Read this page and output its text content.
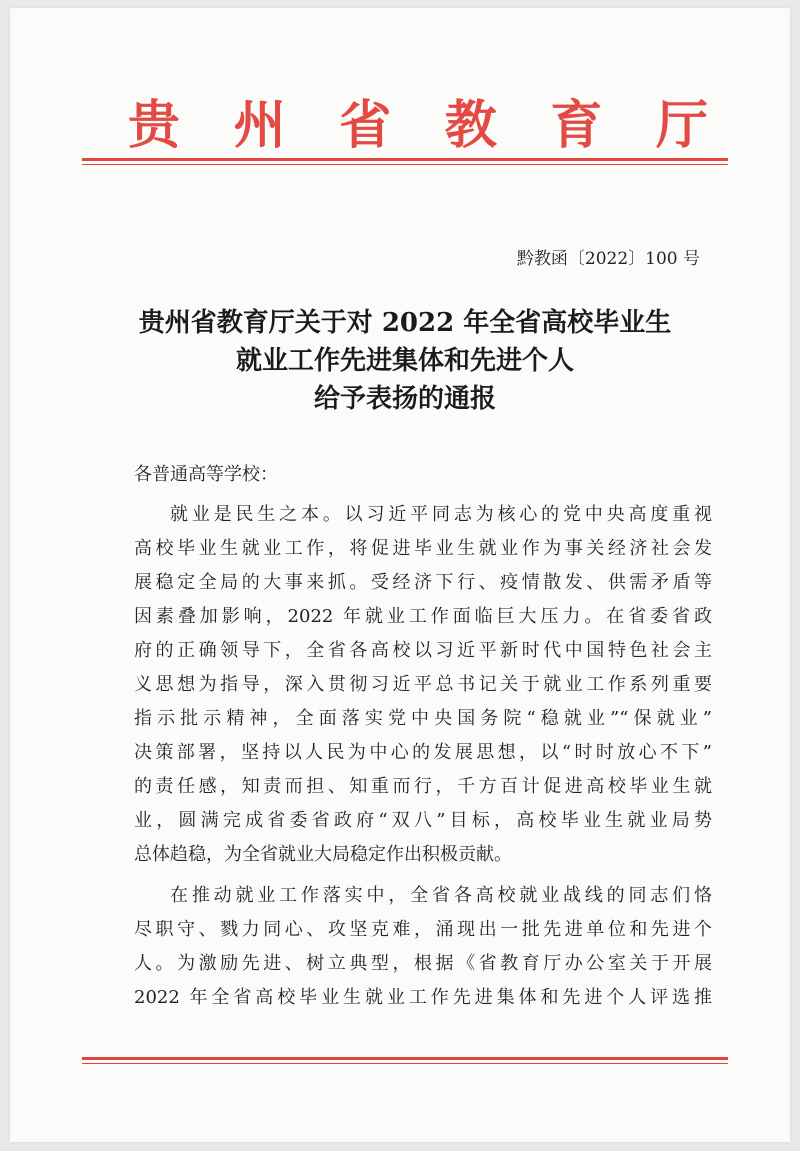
贵 州 省 教 育 厅
黔教函〔2022〕100 号
贵州省教育厅关于对 2022 年全省高校毕业生
就业工作先进集体和先进个人
给予表扬的通报
各普通高等学校：
就业是民生之本。以习近平同志为核心的党中央高度重视
高校毕业生就业工作，将促进毕业生就业作为事关经济社会发
展稳定全局的大事来抓。受经济下行、疫情散发、供需矛盾等
因素叠加影响，2022 年就业工作面临巨大压力。在省委省政
府的正确领导下，全省各高校以习近平新时代中国特色社会主
义思想为指导，深入贯彻习近平总书记关于就业工作系列重要
指示批示精神，全面落实党中央国务院“稳就业”“保就业”
决策部署，坚持以人民为中心的发展思想，以“时时放心不下”
的责任感，知责而担、知重而行，千方百计促进高校毕业生就
业，圆满完成省委省政府“双八”目标，高校毕业生就业局势
总体趋稳，为全省就业大局稳定作出积极贡献。
在推动就业工作落实中，全省各高校就业战线的同志们恪
尽职守、戮力同心、攻坚克难，涌现出一批先进单位和先进个
人。为激励先进、树立典型，根据《省教育厅办公室关于开展
2022 年全省高校毕业生就业工作先进集体和先进个人评选推
